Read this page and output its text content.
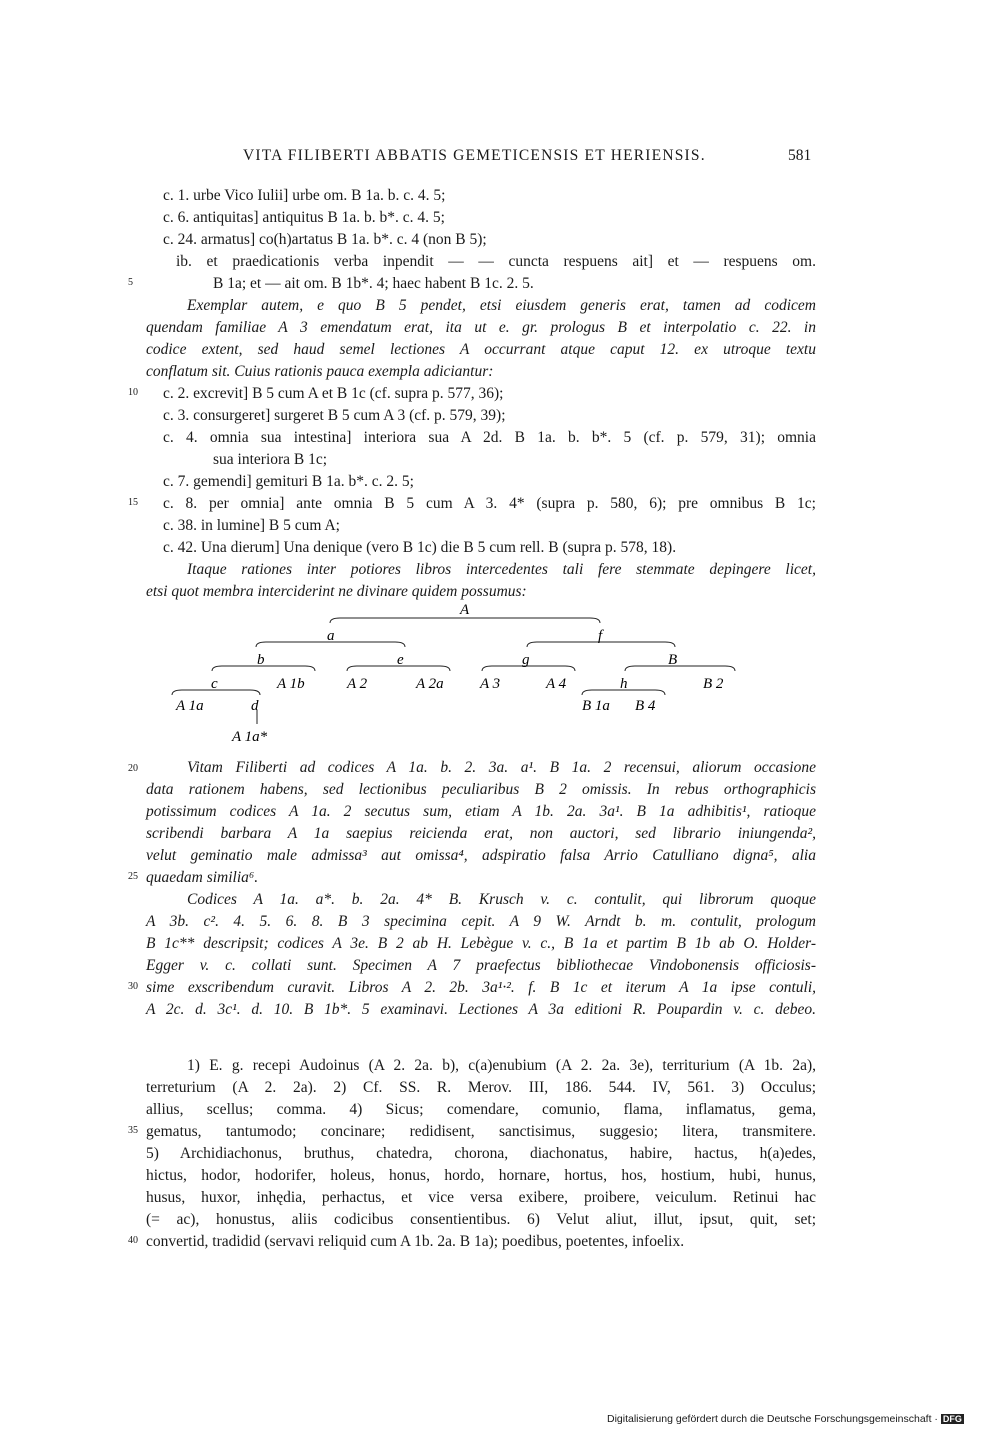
VITA FILIBERTI ABBATIS GEMETICENSIS ET HERIENSIS.	581
c. 1. urbe Vico Iulii] urbe om. B 1a. b. c. 4. 5;
c. 6. antiquitas] antiquitus B 1a. b. b*. c. 4. 5;
c. 24. armatus] co(h)artatus B 1a. b*. c. 4 (non B 5);
ib. et praedicationis verba inpendit — — cuncta respuens ait] et — respuens om.
5	B 1a; et — ait om. B 1b*. 4; haec habent B 1c. 2. 5.
Exemplar autem, e quo B 5 pendet, etsi eiusdem generis erat, tamen ad codicem
quendam familiae A 3 emendatum erat, ita ut e. gr. prologus B et interpolatio c. 22. in
codice extent, sed haud semel lectiones A occurrant atque caput 12. ex utroque textu
conflatum sit. Cuius rationis pauca exempla adiciantur:
10 c. 2. excrevit] B 5 cum A et B 1c (cf. supra p. 577, 36);
c. 3. consurgeret] surgeret B 5 cum A 3 (cf. p. 579, 39);
c. 4. omnia sua intestina] interiora sua A 2d. B 1a. b. b*. 5 (cf. p. 579, 31); omnia
sua interiora B 1c;
c. 7. gemendi] gemituri B 1a. b*. c. 2. 5;
15 c. 8. per omnia] ante omnia B 5 cum A 3. 4* (supra p. 580, 6); pre omnibus B 1c;
c. 38. in lumine] B 5 cum A;
c. 42. Una dierum] Una denique (vero B 1c) die B 5 cum rell. B (supra p. 578, 18).
Itaque rationes inter potiores libros intercedentes tali fere stemmate depingere licet,
etsi quot membra interciderint ne divinare quidem possumus:
A
a	f
b	e	g	B
c	A 1b	A 2	A 2a A 3	A 4	h	B 2
A 1a	d	B 1a B 4
A 1a*
20	Vitam Filiberti ad codices A 1a. b. 2. 3a. a¹. B 1a. 2 recensui, aliorum occasione
data rationem habens, sed lectionibus peculiaribus B 2 omissis. In rebus orthographicis
potissimum codices A 1a. 2 secutus sum, etiam A 1b. 2a. 3a¹. B 1a adhibitis¹, ratioque
scribendi barbara A 1a saepius reicienda erat, non auctori, sed librario iniungenda²,
velut geminatio male admissa³ aut omissa⁴, adspiratio falsa Arrio Catulliano digna⁵, alia
25 quaedam similia⁶.
Codices A 1a. a*. b. 2a. 4* B. Krusch v. c. contulit, qui librorum quoque
A 3b. c². 4. 5. 6. 8. B 3 specimina cepit. A 9 W. Arndt b. m. contulit, prologum
B 1c** descripsit; codices A 3e. B 2 ab H. Lebègue v. c., B 1a et partim B 1b ab O. Holder-
Egger v. c. collati sunt. Specimen A 7 praefectus bibliothecae Vindobonensis officiosis-
30 sime exscribendum curavit. Libros A 2. 2b. 3a¹·². f. B 1c et iterum A 1a ipse contuli,
A 2c. d. 3c¹. d. 10. B 1b*. 5 examinavi. Lectiones A 3a editioni R. Poupardin v. c. debeo.
1) E. g. recepi Audoinus (A 2. 2a. b), c(a)enubium (A 2. 2a. 3e), territurium (A 1b. 2a),
terreturium (A 2. 2a). 2) Cf. SS. R. Merov. III, 186. 544. IV, 561. 3) Occulus;
allius, scellus; comma. 4) Sicus; comendare, comunio, flama, inflamatus, gema,
35 gematus, tantumodo; concinare; redidisent, sanctisimus, suggesio; litera, transmitere.
5) Archidiachonus, bruthus, chatedra, chorona, diachonatus, habire, hactus, h(a)edes,
hictus, hodor, hodorifer, holeus, honus, hordo, hornare, hortus, hos, hostium, hubi, hunus,
husus, huxor, inhędia, perhactus, et vice versa exibere, proibere, veiculum. Retinui hac
(= ac), honustus, aliis codicibus consentientibus. 6) Velut aliut, illut, ipsut, quit, set;
40 convertid, tradidid (servavi reliquid cum A 1b. 2a. B 1a); poedibus, poetentes, infoelix.
Digitalisierung gefördert durch die Deutsche Forschungsgemeinschaft · DFG
